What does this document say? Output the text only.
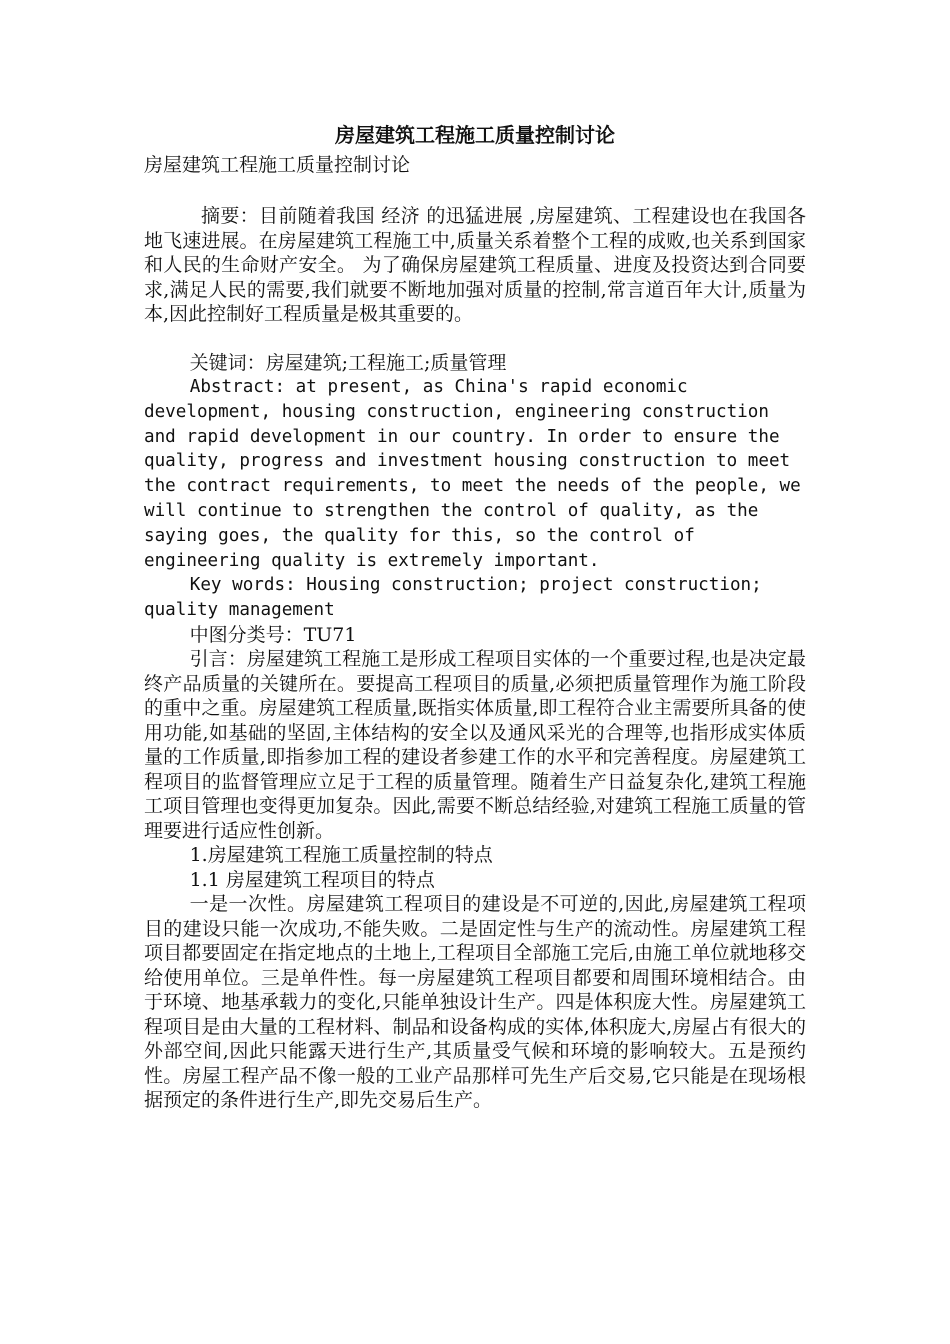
房屋建筑工程施工质量控制讨论

房屋建筑工程施工质量控制讨论

摘要：目前随着我国 经济 的迅猛进展 ,房屋建筑、工程建设也在我国各地飞速进展。在房屋建筑工程施工中,质量关系着整个工程的成败,也关系到国家和人民的生命财产安全。 为了确保房屋建筑工程质量、进度及投资达到合同要求,满足人民的需要,我们就要不断地加强对质量的控制,常言道百年大计,质量为本,因此控制好工程质量是极其重要的。

关键词：房屋建筑;工程施工;质量管理

Abstract: at present, as China's rapid economic development, housing construction, engineering construction and rapid development in our country. In order to ensure the quality, progress and investment housing construction to meet the contract requirements, to meet the needs of the people, we will continue to strengthen the control of quality, as the saying goes, the quality for this, so the control of engineering quality is extremely important.

Key words: Housing construction; project construction; quality management

中图分类号：TU71

引言：房屋建筑工程施工是形成工程项目实体的一个重要过程,也是决定最终产品质量的关键所在。要提高工程项目的质量,必须把质量管理作为施工阶段的重中之重。房屋建筑工程质量,既指实体质量,即工程符合业主需要所具备的使用功能,如基础的坚固,主体结构的安全以及通风采光的合理等,也指形成实体质量的工作质量,即指参加工程的建设者参建工作的水平和完善程度。房屋建筑工程项目的监督管理应立足于工程的质量管理。随着生产日益复杂化,建筑工程施工项目管理也变得更加复杂。因此,需要不断总结经验,对建筑工程施工质量的管理要进行适应性创新。

1.房屋建筑工程施工质量控制的特点

1.1 房屋建筑工程项目的特点

一是一次性。房屋建筑工程项目的建设是不可逆的,因此,房屋建筑工程项目的建设只能一次成功,不能失败。二是固定性与生产的流动性。房屋建筑工程项目都要固定在指定地点的土地上,工程项目全部施工完后,由施工单位就地移交给使用单位。三是单件性。每一房屋建筑工程项目都要和周围环境相结合。由于环境、地基承载力的变化,只能单独设计生产。四是体积庞大性。房屋建筑工程项目是由大量的工程材料、制品和设备构成的实体,体积庞大,房屋占有很大的外部空间,因此只能露天进行生产,其质量受气候和环境的影响较大。五是预约性。房屋工程产品不像一般的工业产品那样可先生产后交易,它只能是在现场根据预定的条件进行生产,即先交易后生产。
